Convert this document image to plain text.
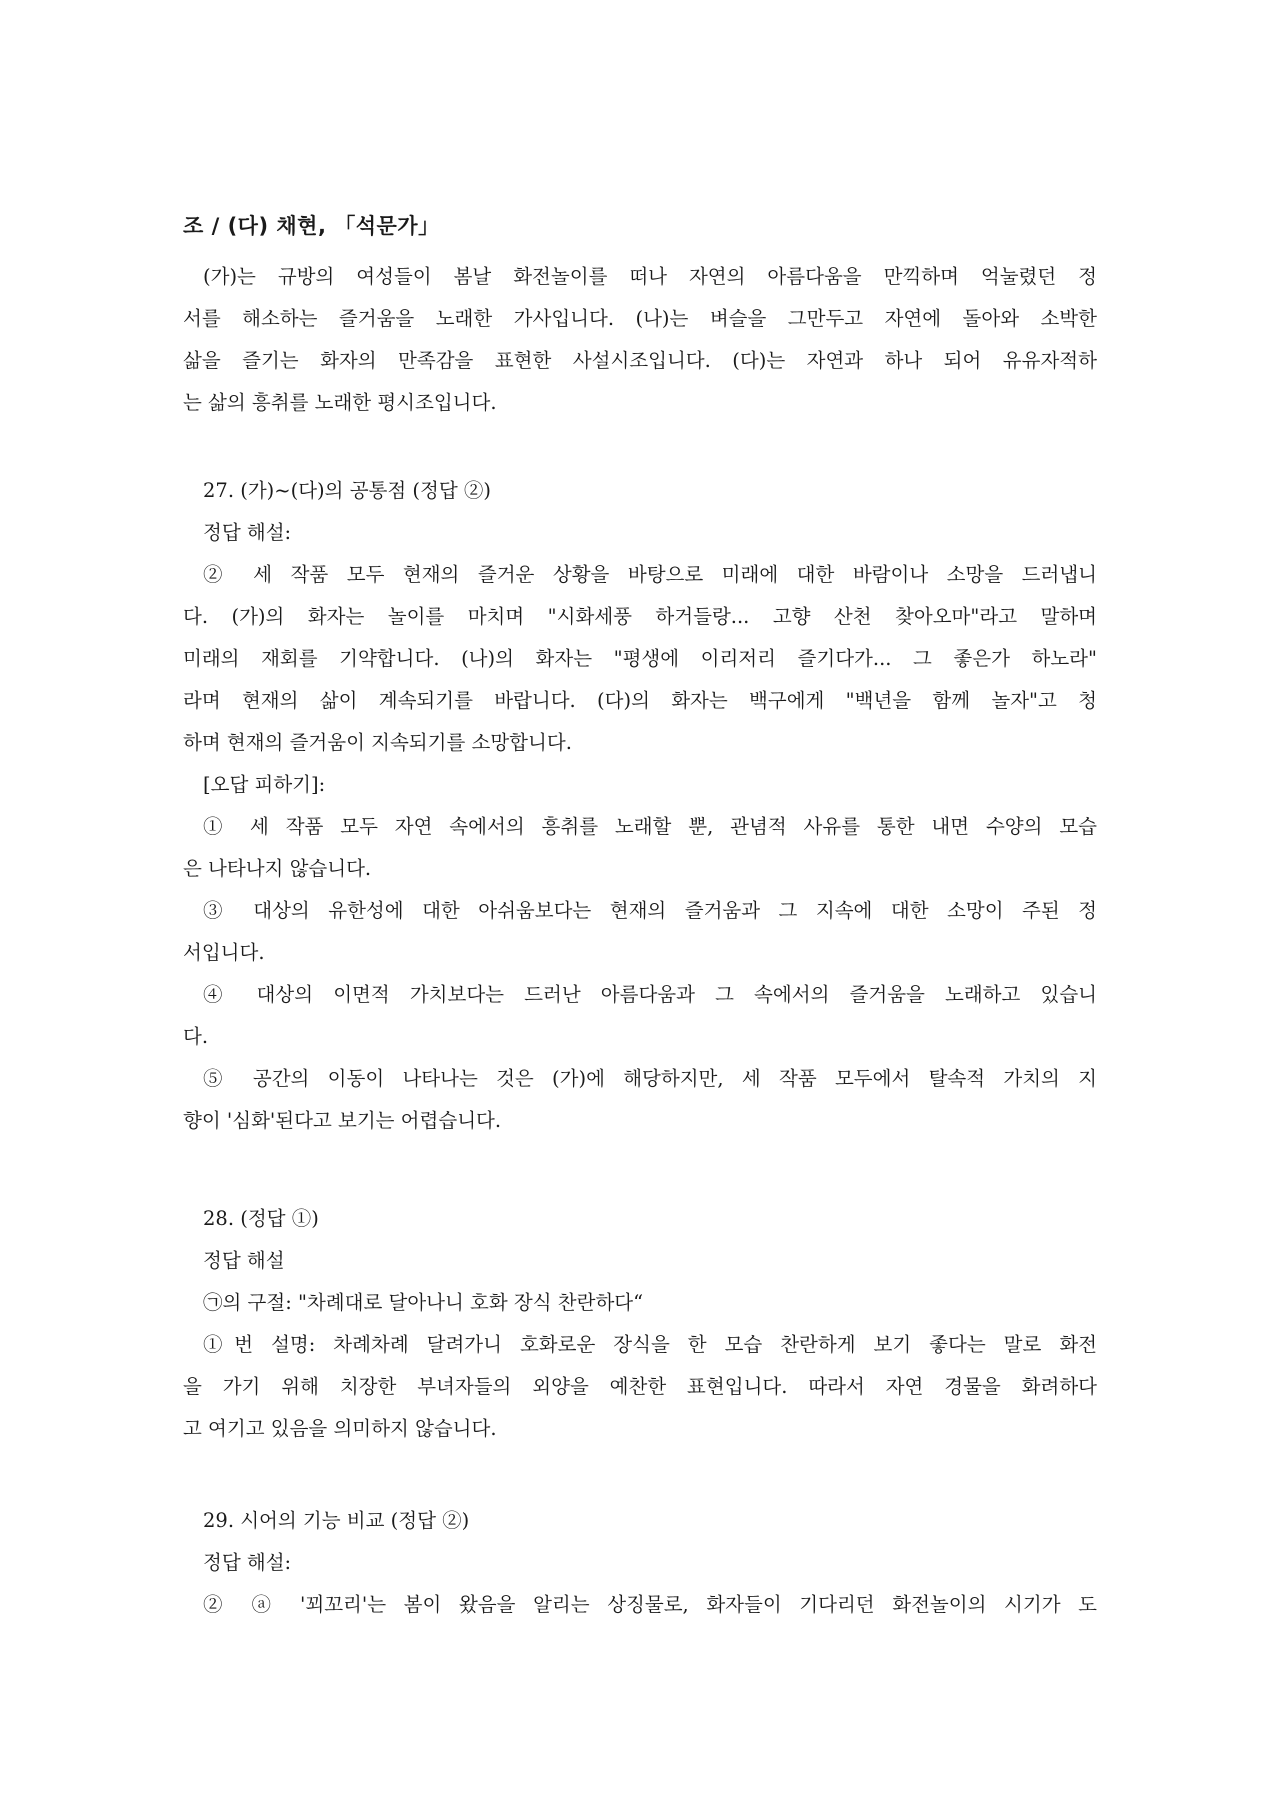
조 / (다) 채현, 「석문가」
(가)는 규방의 여성들이 봄날 화전놀이를 떠나 자연의 아름다움을 만끽하며 억눌렸던 정
서를 해소하는 즐거움을 노래한 가사입니다. (나)는 벼슬을 그만두고 자연에 돌아와 소박한
삶을 즐기는 화자의 만족감을 표현한 사설시조입니다. (다)는 자연과 하나 되어 유유자적하
는 삶의 흥취를 노래한 평시조입니다.
27. (가)~(다)의 공통점 (정답 ②)
정답 해설:
② 세 작품 모두 현재의 즐거운 상황을 바탕으로 미래에 대한 바람이나 소망을 드러냅니
다. (가)의 화자는 놀이를 마치며 "시화세풍 하거들랑... 고향 산천 찾아오마"라고 말하며
미래의 재회를 기약합니다. (나)의 화자는 "평생에 이리저리 즐기다가... 그 좋은가 하노라"
라며 현재의 삶이 계속되기를 바랍니다. (다)의 화자는 백구에게 "백년을 함께 놀자"고 청
하며 현재의 즐거움이 지속되기를 소망합니다.
[오답 피하기]:
① 세 작품 모두 자연 속에서의 흥취를 노래할 뿐, 관념적 사유를 통한 내면 수양의 모습
은 나타나지 않습니다.
③ 대상의 유한성에 대한 아쉬움보다는 현재의 즐거움과 그 지속에 대한 소망이 주된 정
서입니다.
④ 대상의 이면적 가치보다는 드러난 아름다움과 그 속에서의 즐거움을 노래하고 있습니
다.
⑤ 공간의 이동이 나타나는 것은 (가)에 해당하지만, 세 작품 모두에서 탈속적 가치의 지
향이 '심화'된다고 보기는 어렵습니다.
28. (정답 ①)
정답 해설
㉠의 구절: "차례대로 달아나니 호화 장식 찬란하다“
①번 설명: 차례차례 달려가니 호화로운 장식을 한 모습 찬란하게 보기 좋다는 말로 화전
을 가기 위해 치장한 부녀자들의 외양을 예찬한 표현입니다. 따라서 자연 경물을 화려하다
고 여기고 있음을 의미하지 않습니다.
29. 시어의 기능 비교 (정답 ②)
정답 해설:
② ⓐ '꾀꼬리'는 봄이 왔음을 알리는 상징물로, 화자들이 기다리던 화전놀이의 시기가 도
